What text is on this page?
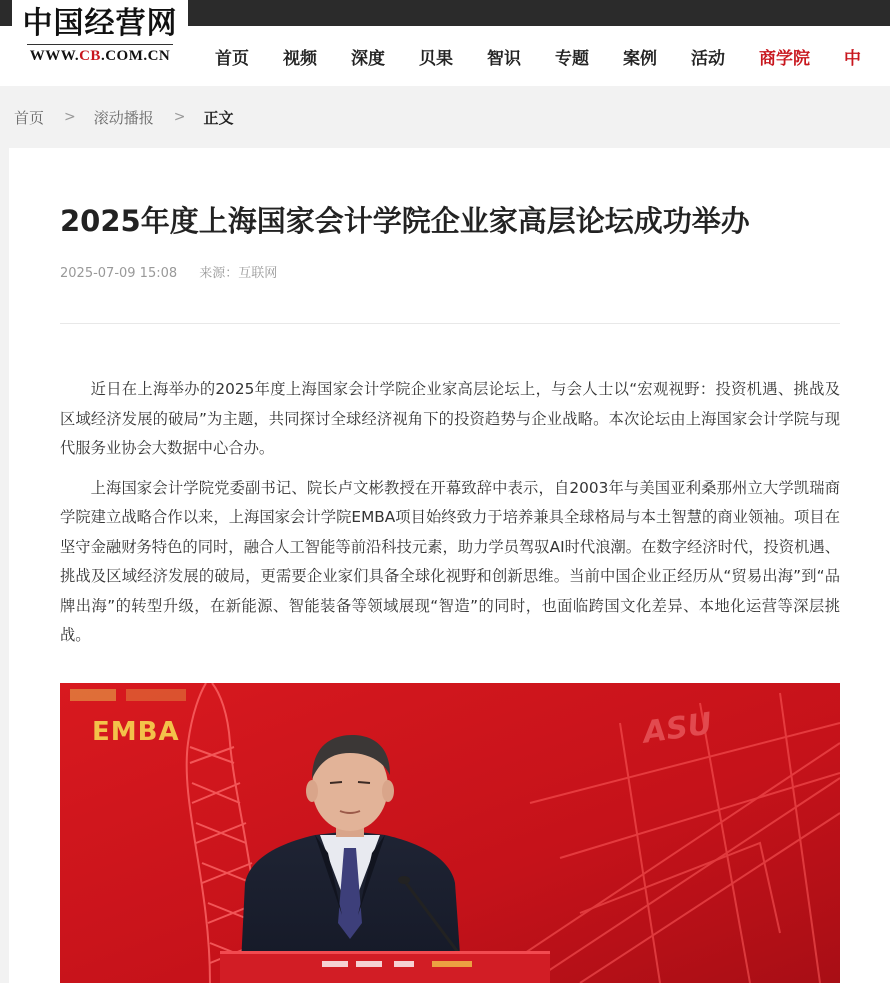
中国经营网
WWW.CB.COM.CN	首页 视频 深度 贝果 智识 专题 案例 活动 商学院 中
首页 > 滚动播报 > 正文
2025年度上海国家会计学院企业家高层论坛成功举办
2025-07-09 15:08 来源：互联网

近日在上海举办的2025年度上海国家会计学院企业家高层论坛上，与会人士以“宏观视野：投资机遇、挑战及区域经济发展的破局”为主题，共同探讨全球经济视角下的投资趋势与企业战略。本次论坛由上海国家会计学院与现代服务业协会大数据中心合办。

上海国家会计学院党委副书记、院长卢文彬教授在开幕致辞中表示，自2003年与美国亚利桑那州立大学凯瑞商学院建立战略合作以来，上海国家会计学院EMBA项目始终致力于培养兼具全球格局与本土智慧的商业领袖。项目在坚守金融财务特色的同时，融合人工智能等前沿科技元素，助力学员驾驭AI时代浪潮。在数字经济时代，投资机遇、挑战及区域经济发展的破局，更需要企业家们具备全球化视野和创新思维。当前中国企业正经历从“贸易出海”到“品牌出海”的转型升级，在新能源、智能装备等领域展现“智造”的同时，也面临跨国文化差异、本地化运营等深层挑战。

EMBA	ASU
